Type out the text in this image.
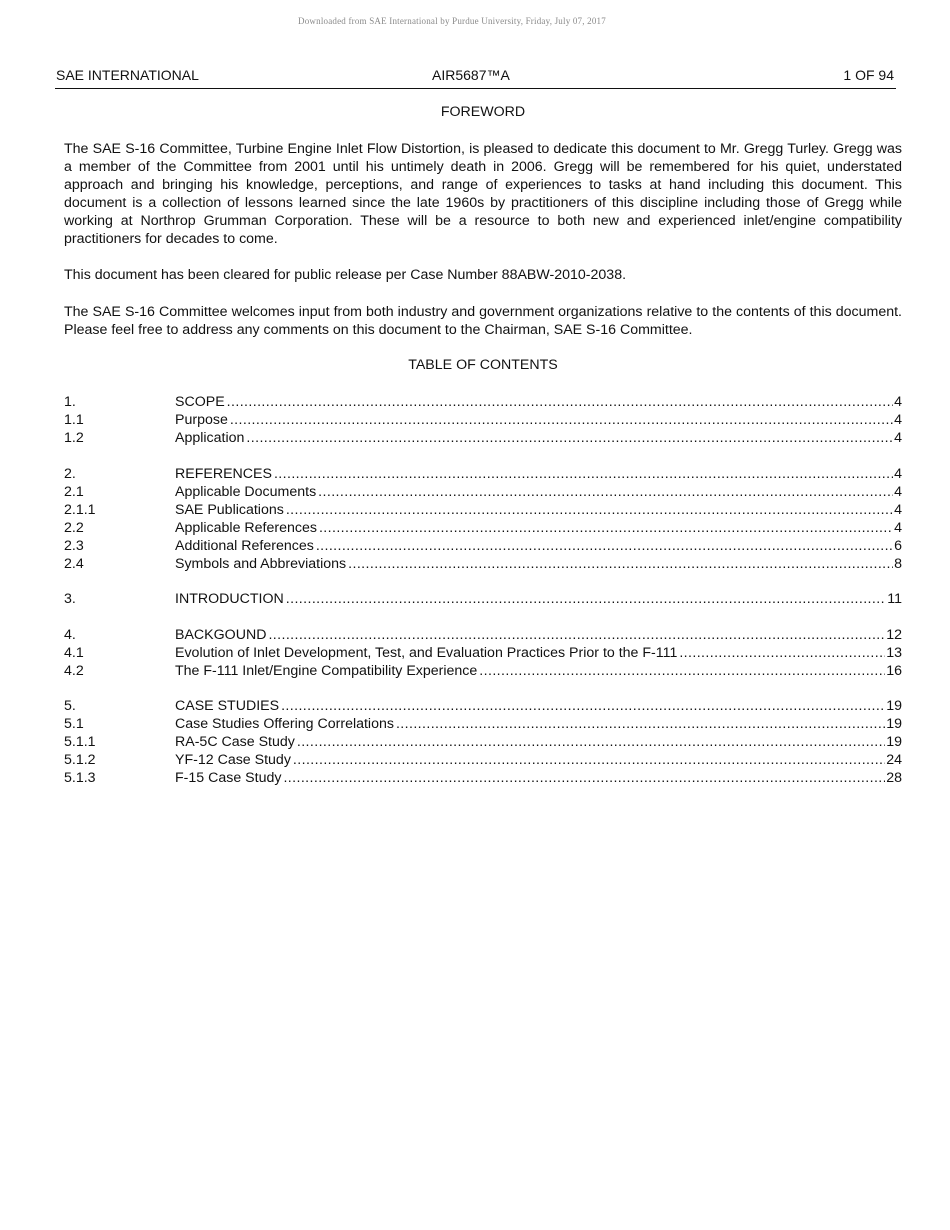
Downloaded from SAE International by Purdue University, Friday, July 07, 2017
SAE INTERNATIONAL	AIR5687™A	1 OF 94
FOREWORD

The SAE S-16 Committee, Turbine Engine Inlet Flow Distortion, is pleased to dedicate this document to Mr. Gregg Turley. Gregg was a member of the Committee from 2001 until his untimely death in 2006. Gregg will be remembered for his quiet, understated approach and bringing his knowledge, perceptions, and range of experiences to tasks at hand including this document. This document is a collection of lessons learned since the late 1960s by practitioners of this discipline including those of Gregg while working at Northrop Grumman Corporation. These will be a resource to both new and experienced inlet/engine compatibility practitioners for decades to come.

This document has been cleared for public release per Case Number 88ABW-2010-2038.

The SAE S-16 Committee welcomes input from both industry and government organizations relative to the contents of this document. Please feel free to address any comments on this document to the Chairman, SAE S-16 Committee.

TABLE OF CONTENTS
1.	SCOPE .....	4
1.1	Purpose .....	4
1.2	Application .....	4
2.	REFERENCES .....	4
2.1	Applicable Documents .....	4
2.1.1	SAE Publications .....	4
2.2	Applicable References .....	4
2.3	Additional References .....	6
2.4	Symbols and Abbreviations .....	8
3.	INTRODUCTION .....	11
4.	BACKGOUND .....	12
4.1	Evolution of Inlet Development, Test, and Evaluation Practices Prior to the F-111 .....	13
4.2	The F-111 Inlet/Engine Compatibility Experience .....	16
5.	CASE STUDIES .....	19
5.1	Case Studies Offering Correlations .....	19
5.1.1	RA-5C Case Study .....	19
5.1.2	YF-12 Case Study .....	24
5.1.3	F-15 Case Study .....	28
